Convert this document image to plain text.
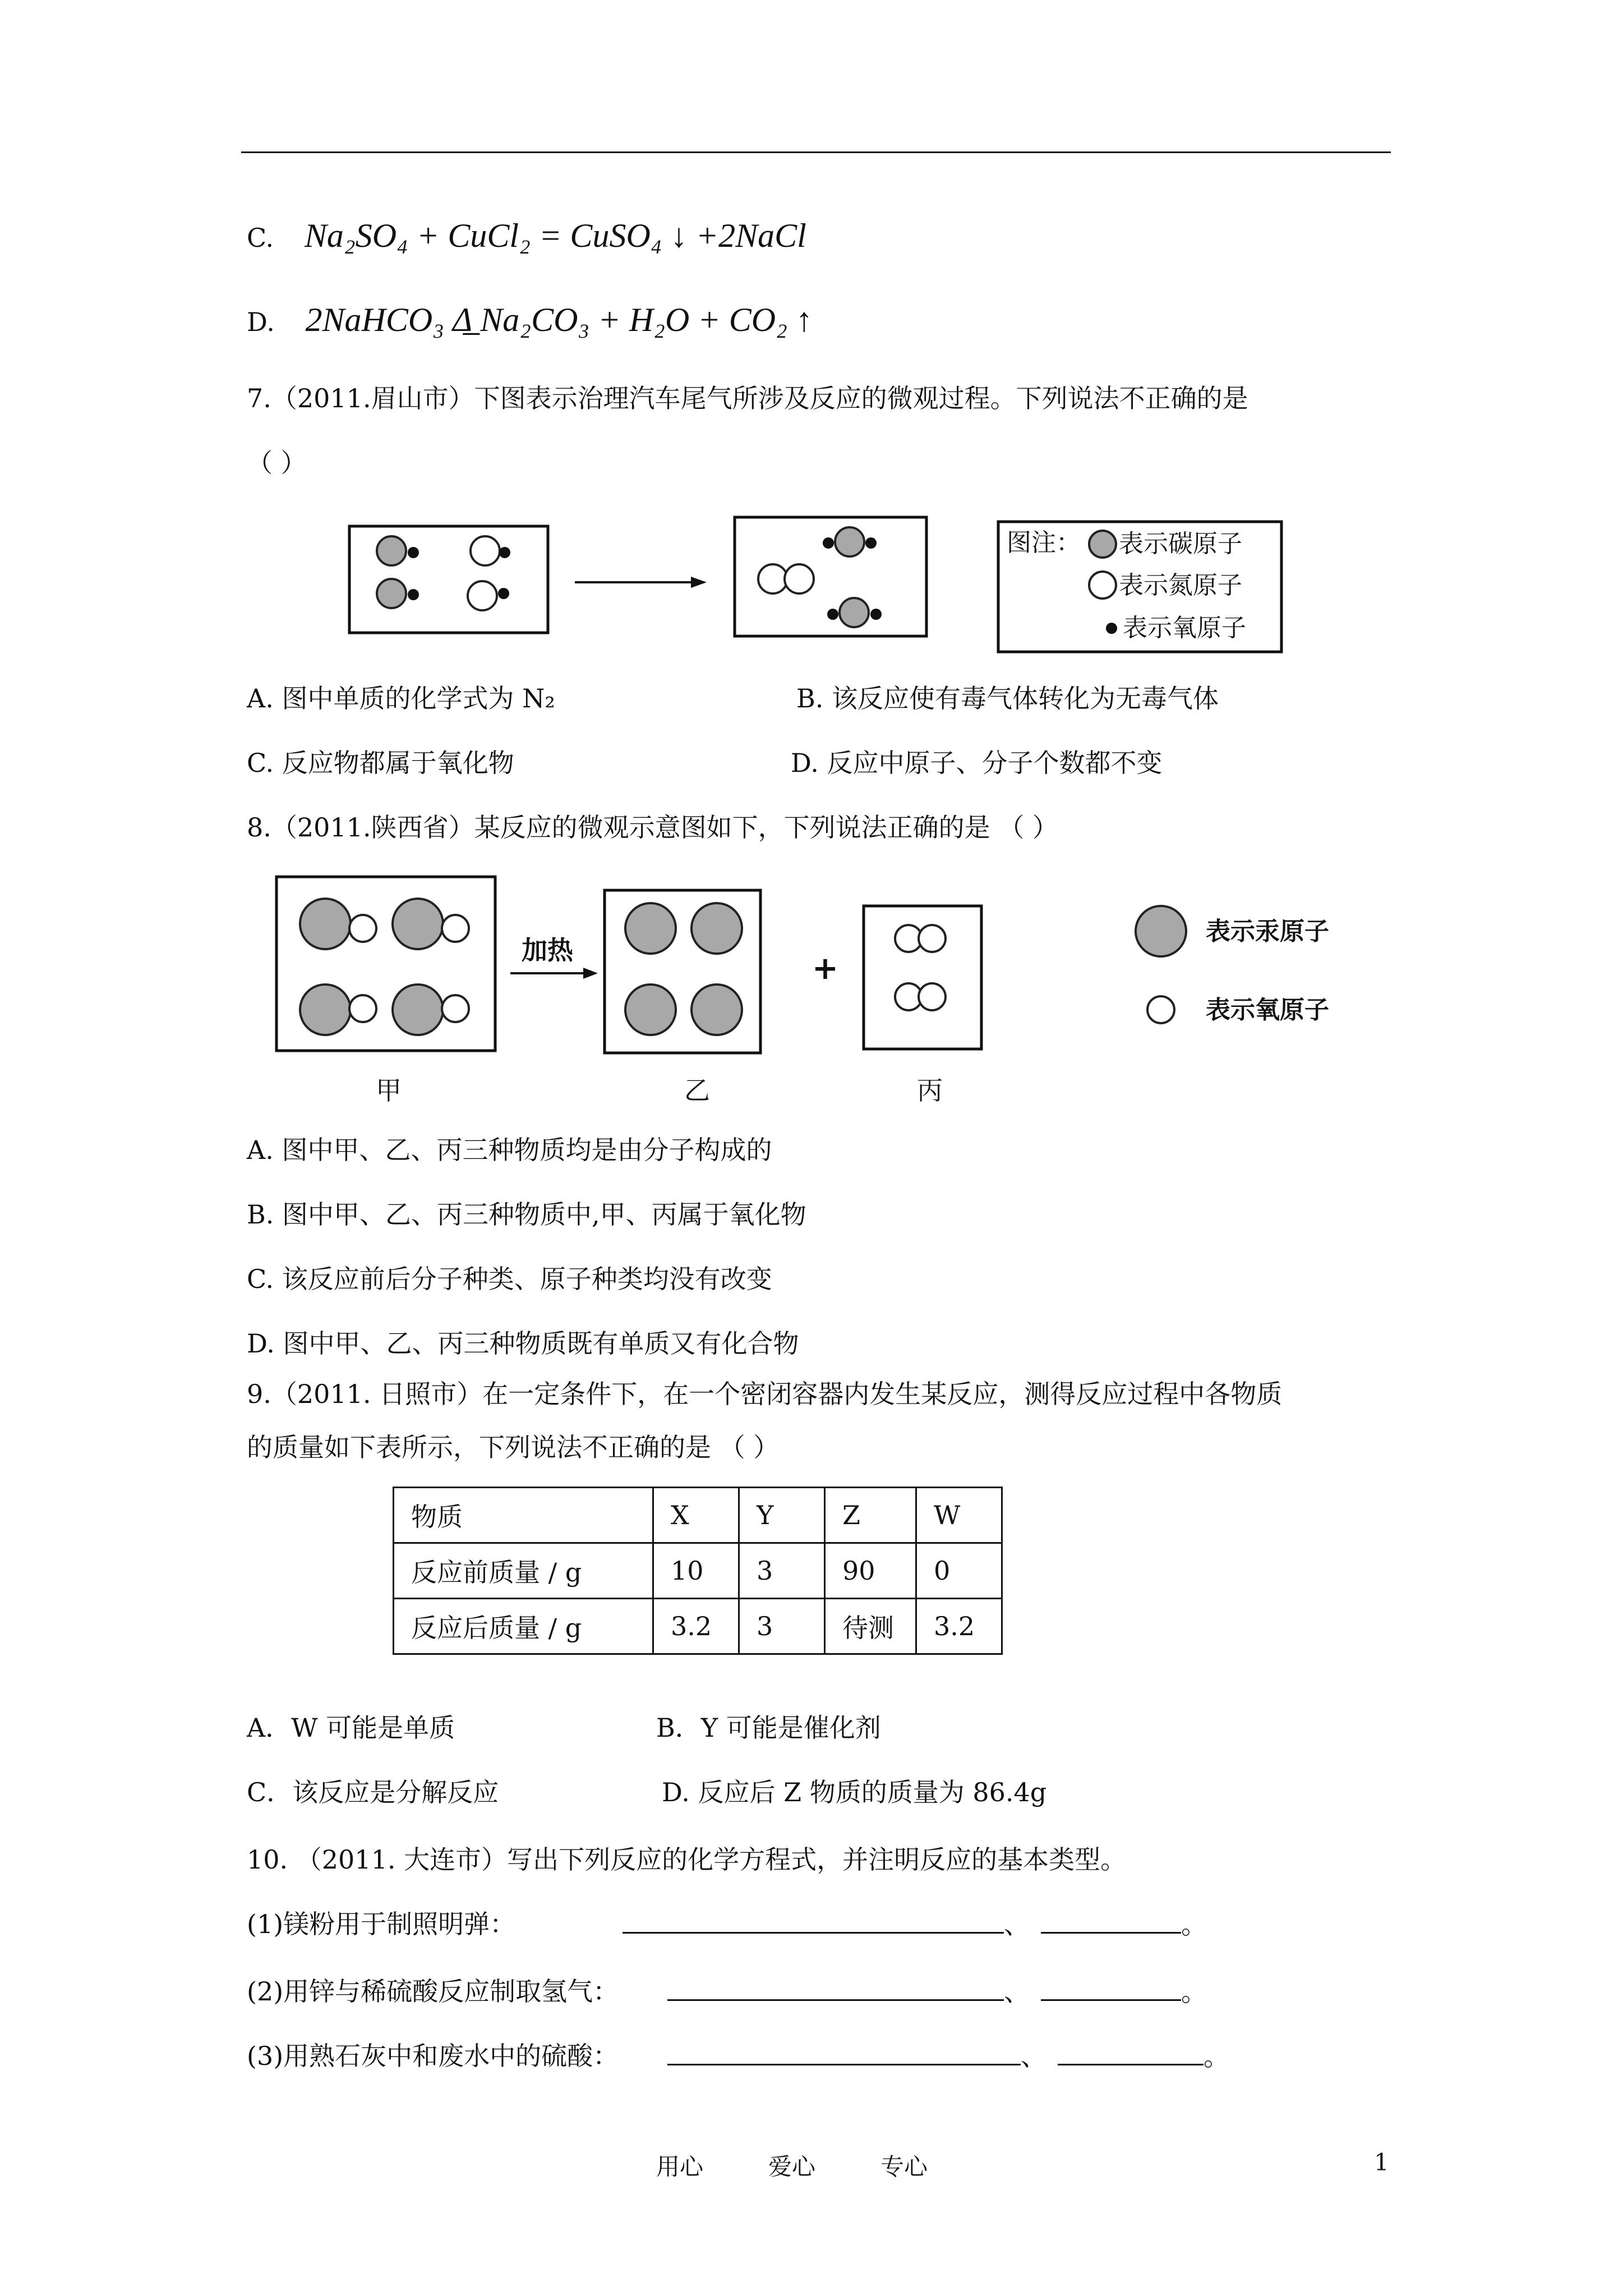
C. Na₂SO₄ + CuCl₂ = CuSO₄ ↓ +2NaCl
D. 2NaHCO₃ Δ̲ Na₂CO₃ + H₂O + CO₂ ↑
7.（2011.眉山市）下图表示治理汽车尾气所涉及反应的微观过程。下列说法不正确的是
（ ）
图注： 表示碳原子
表示氮原子
表示氧原子
A. 图中单质的化学式为 N₂	B. 该反应使有毒气体转化为无毒气体
C. 反应物都属于氧化物	D. 反应中原子、分子个数都不变
8.（2011.陕西省）某反应的微观示意图如下，下列说法正确的是 （ ）
加热	+
表示汞原子
表示氧原子
甲	乙	丙
A. 图中甲、乙、丙三种物质均是由分子构成的
B. 图中甲、乙、丙三种物质中,甲、丙属于氧化物
C. 该反应前后分子种类、原子种类均没有改变
D. 图中甲、乙、丙三种物质既有单质又有化合物
9.（2011. 日照市）在一定条件下，在一个密闭容器内发生某反应，测得反应过程中各物质
的质量如下表所示，下列说法不正确的是 （ ）
物质	X	Y	Z	W
反应前质量 / g	10	3	90	0
反应后质量 / g	3.2	3	待测	3.2
A．W 可能是单质	B．Y 可能是催化剂
C．该反应是分解反应	D. 反应后 Z 物质的质量为 86.4g
10. （2011. 大连市）写出下列反应的化学方程式，并注明反应的基本类型。
(1)镁粉用于制照明弹：	、	。
(2)用锌与稀硫酸反应制取氢气：	、	。
(3)用熟石灰中和废水中的硫酸：	、	。
用心	爱心	专心	1
